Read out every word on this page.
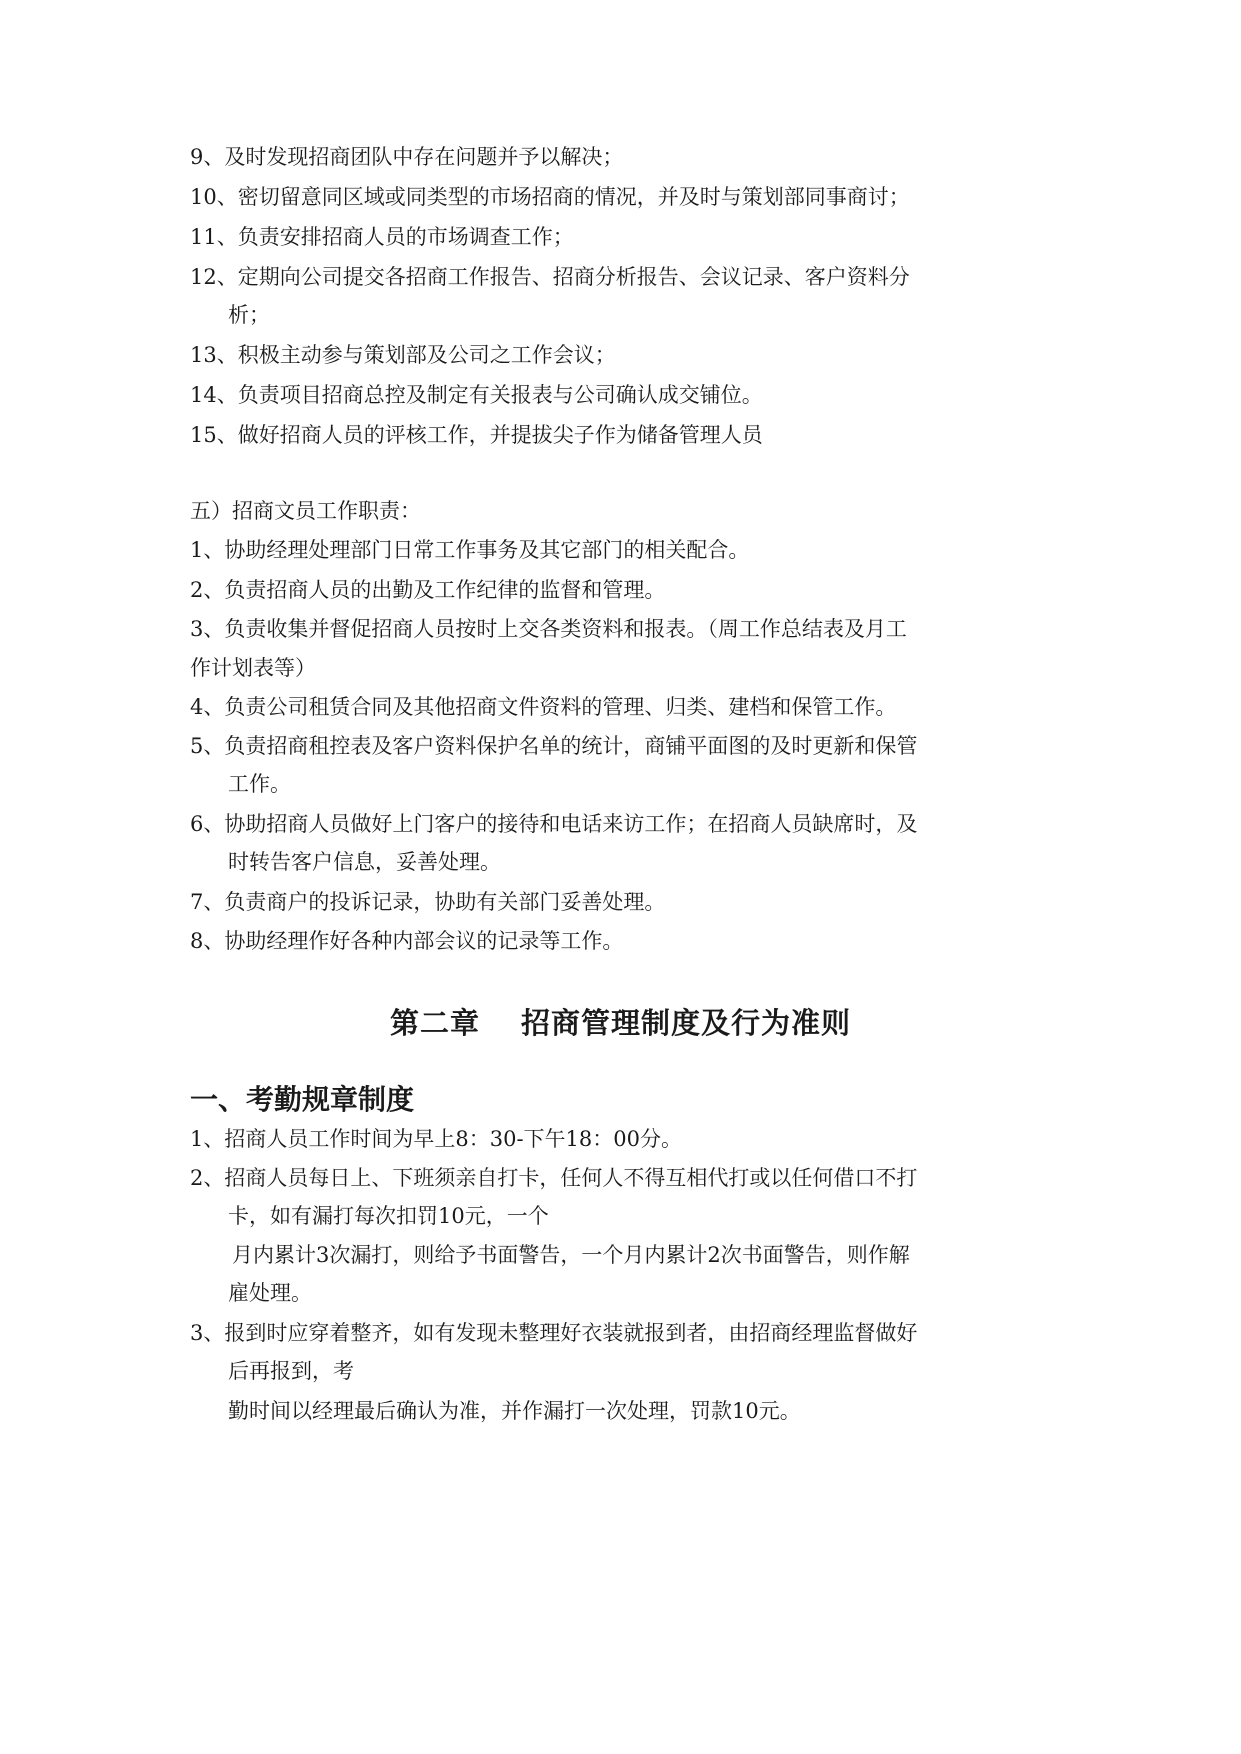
9、及时发现招商团队中存在问题并予以解决；
10、密切留意同区域或同类型的市场招商的情况，并及时与策划部同事商讨；
11、负责安排招商人员的市场调查工作；
12、定期向公司提交各招商工作报告、招商分析报告、会议记录、客户资料分
析；
13、积极主动参与策划部及公司之工作会议；
14、负责项目招商总控及制定有关报表与公司确认成交铺位。
15、做好招商人员的评核工作，并提拔尖子作为储备管理人员
五）招商文员工作职责：
1、协助经理处理部门日常工作事务及其它部门的相关配合。
2、负责招商人员的出勤及工作纪律的监督和管理。
3、负责收集并督促招商人员按时上交各类资料和报表。（周工作总结表及月工
作计划表等）
4、负责公司租赁合同及其他招商文件资料的管理、归类、建档和保管工作。
5、负责招商租控表及客户资料保护名单的统计，商铺平面图的及时更新和保管
工作。
6、协助招商人员做好上门客户的接待和电话来访工作；在招商人员缺席时，及
时转告客户信息，妥善处理。
7、负责商户的投诉记录，协助有关部门妥善处理。
8、协助经理作好各种内部会议的记录等工作。
第二章　 招商管理制度及行为准则
一、考勤规章制度
1、招商人员工作时间为早上8：30-下午18：00分。
2、招商人员每日上、下班须亲自打卡，任何人不得互相代打或以任何借口不打
卡，如有漏打每次扣罚10元，一个
月内累计3次漏打，则给予书面警告，一个月内累计2次书面警告，则作解
雇处理。
3、报到时应穿着整齐，如有发现未整理好衣装就报到者，由招商经理监督做好
后再报到，考
勤时间以经理最后确认为准，并作漏打一次处理，罚款10元。
